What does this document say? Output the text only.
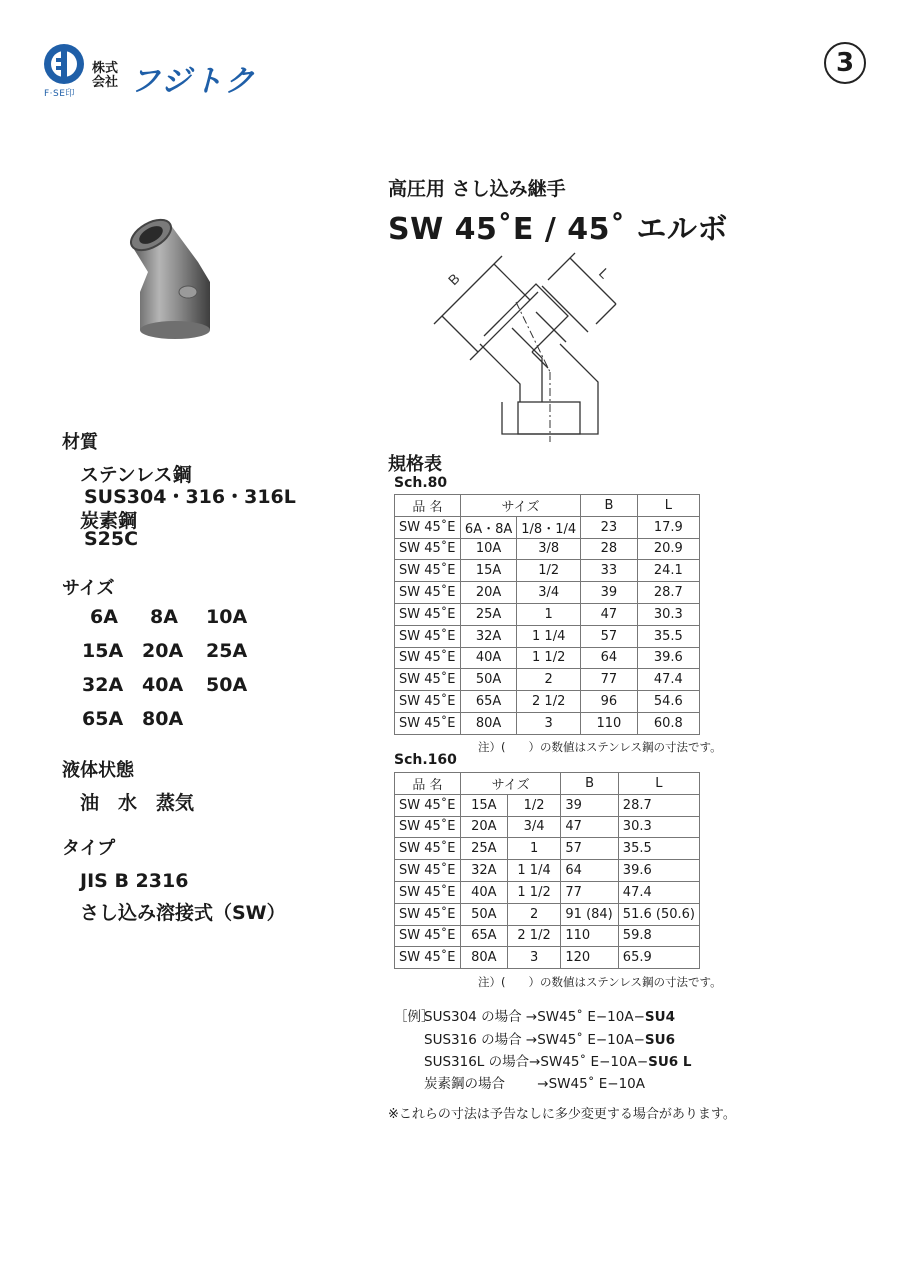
F·SE印
株式
会社 フジトク
3
高圧用 さし込み継手
SW 45˚E / 45˚ エルボ
B	L
材質
ステンレス鋼
SUS304・316・316L
炭素鋼
S25C
サイズ
6A 8A 10A
15A 20A 25A
32A 40A 50A
65A 80A
液体状態
油　水　蒸気
タイプ
JIS B 2316
さし込み溶接式（SW）
規格表
Sch.80
品 名	サイズ		B	L
SW 45˚E	6A・8A	1/8・1/4	23	17.9
SW 45˚E	10A	3/8	28	20.9
SW 45˚E	15A	1/2	33	24.1
SW 45˚E	20A	3/4	39	28.7
SW 45˚E	25A	1	47	30.3
SW 45˚E	32A	1 1/4	57	35.5
SW 45˚E	40A	1 1/2	64	39.6
SW 45˚E	50A	2	77	47.4
SW 45˚E	65A	2 1/2	96	54.6
SW 45˚E	80A	3	110	60.8
注）(　　）の数値はステンレス鋼の寸法です。
Sch.160
品 名	サイズ		B	L
SW 45˚E	15A	1/2	39	28.7
SW 45˚E	20A	3/4	47	30.3
SW 45˚E	25A	1	57	35.5
SW 45˚E	32A	1 1/4	64	39.6
SW 45˚E	40A	1 1/2	77	47.4
SW 45˚E	50A	2	91 (84)	51.6 (50.6)
SW 45˚E	65A	2 1/2	110	59.8
SW 45˚E	80A	3	120	65.9
注）(　　）の数値はステンレス鋼の寸法です。
［例］
SUS304 の場合 →SW45˚ E−10A−SU4
SUS316 の場合 →SW45˚ E−10A−SU6
SUS316L の場合→SW45˚ E−10A−SU6 L
炭素鋼の場合 →SW45˚ E−10A
※これらの寸法は予告なしに多少変更する場合があります。
